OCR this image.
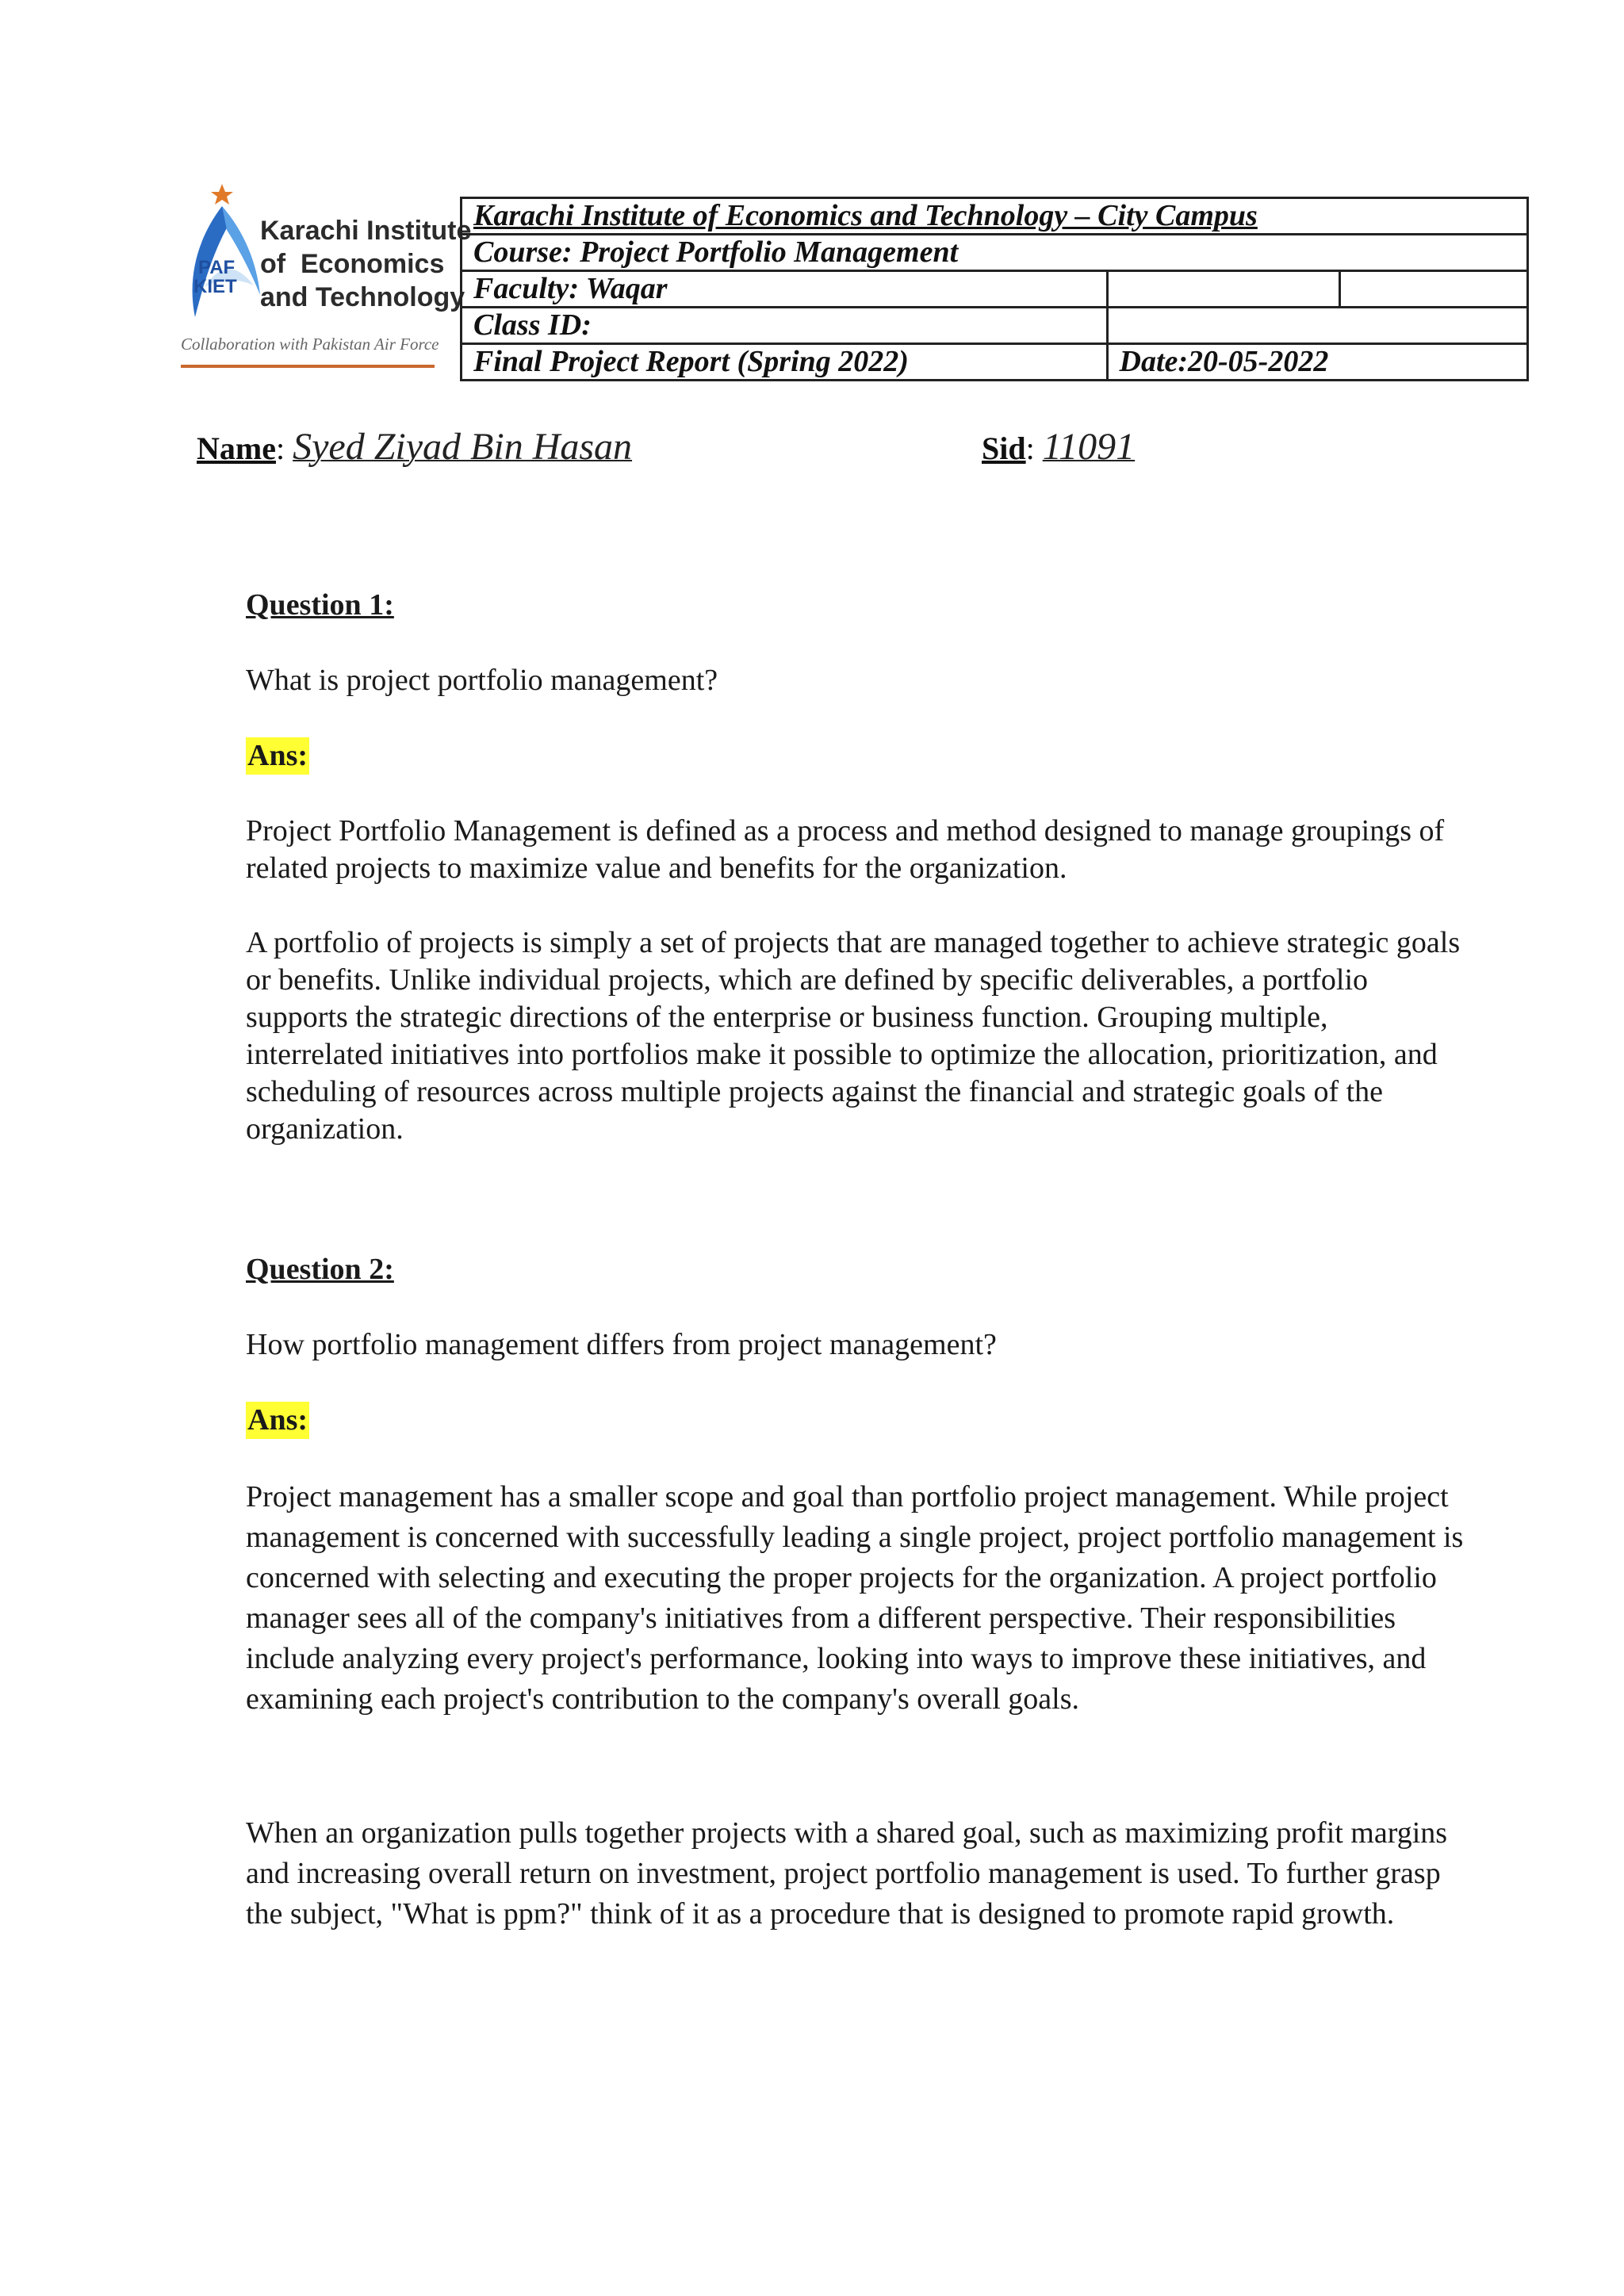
PAF
KIET
Karachi Institute
of  Economics
and Technology
Collaboration with Pakistan Air Force
Karachi Institute of Economics and Technology – City Campus		
Course: Project Portfolio Management		
Faculty: Waqar		
Class ID:		
Final Project Report (Spring 2022)	Date:20-05-2022	
Name: Syed Ziyad Bin Hasan	Sid: 11091

Question 1:

What is project portfolio management?

Ans:

Project Portfolio Management is defined as a process and method designed to manage groupings of related projects to maximize value and benefits for the organization.

A portfolio of projects is simply a set of projects that are managed together to achieve strategic goals or benefits. Unlike individual projects, which are defined by specific deliverables, a portfolio supports the strategic directions of the enterprise or business function. Grouping multiple, interrelated initiatives into portfolios make it possible to optimize the allocation, prioritization, and scheduling of resources across multiple projects against the financial and strategic goals of the organization.

Question 2:

How portfolio management differs from project management?

Ans:

Project management has a smaller scope and goal than portfolio project management. While project management is concerned with successfully leading a single project, project portfolio management is concerned with selecting and executing the proper projects for the organization. A project portfolio manager sees all of the company's initiatives from a different perspective. Their responsibilities include analyzing every project's performance, looking into ways to improve these initiatives, and examining each project's contribution to the company's overall goals.

When an organization pulls together projects with a shared goal, such as maximizing profit margins and increasing overall return on investment, project portfolio management is used. To further grasp the subject, "What is ppm?" think of it as a procedure that is designed to promote rapid growth.
